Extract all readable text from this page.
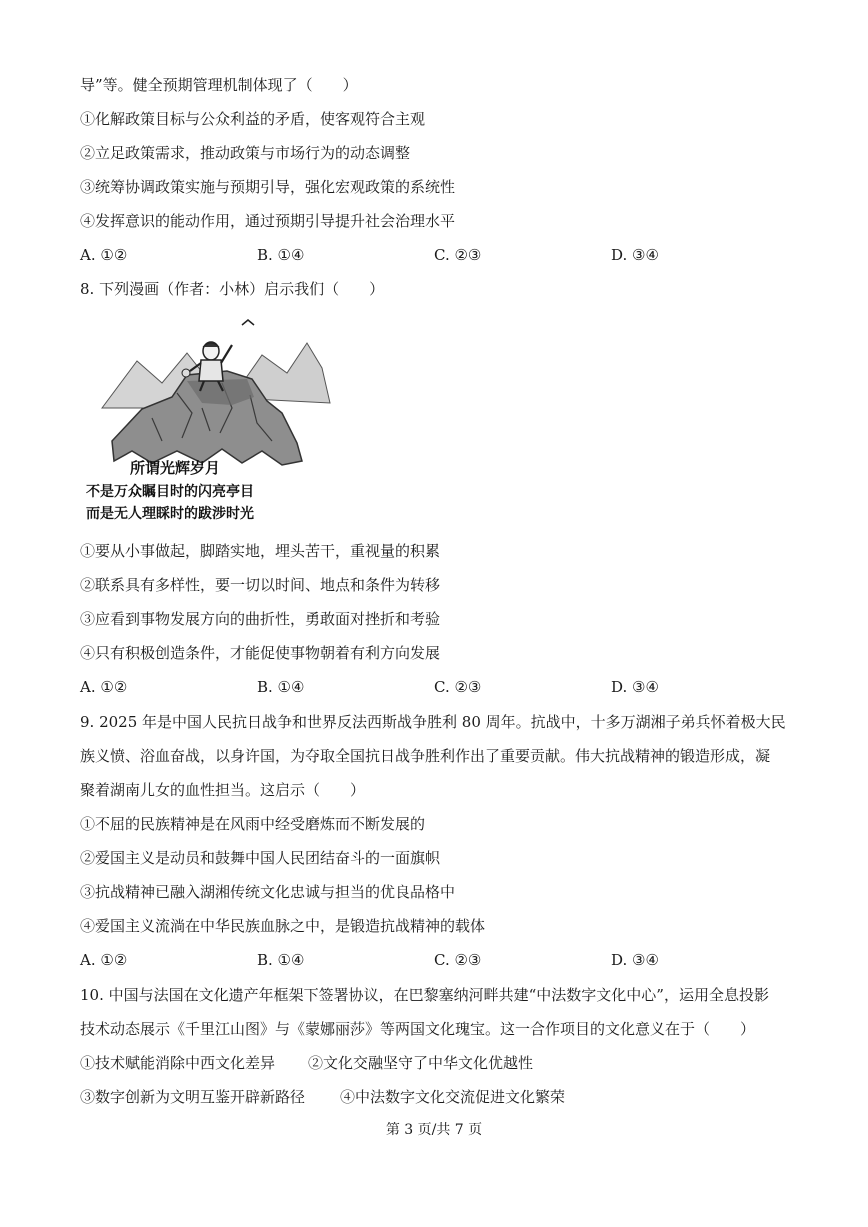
导”等。健全预期管理机制体现了（　　）
①化解政策目标与公众利益的矛盾，使客观符合主观
②立足政策需求，推动政策与市场行为的动态调整
③统筹协调政策实施与预期引导，强化宏观政策的系统性
④发挥意识的能动作用，通过预期引导提升社会治理水平
A. ①②	B. ①④	C. ②③	D. ③④
8. 下列漫画（作者：小林）启示我们（　　）
所谓光辉岁月
不是万众瞩目时的闪亮亭目
而是无人理睬时的跋涉时光
①要从小事做起，脚踏实地，埋头苦干，重视量的积累
②联系具有多样性，要一切以时间、地点和条件为转移
③应看到事物发展方向的曲折性，勇敢面对挫折和考验
④只有积极创造条件，才能促使事物朝着有利方向发展
A. ①②	B. ①④	C. ②③	D. ③④
9. 2025 年是中国人民抗日战争和世界反法西斯战争胜利 80 周年。抗战中，十多万湖湘子弟兵怀着极大民
族义愤、浴血奋战，以身许国，为夺取全国抗日战争胜利作出了重要贡献。伟大抗战精神的锻造形成，凝
聚着湖南儿女的血性担当。这启示（　　）
①不屈的民族精神是在风雨中经受磨炼而不断发展的
②爱国主义是动员和鼓舞中国人民团结奋斗的一面旗帜
③抗战精神已融入湖湘传统文化忠诚与担当的优良品格中
④爱国主义流淌在中华民族血脉之中，是锻造抗战精神的载体
A. ①②	B. ①④	C. ②③	D. ③④
10. 中国与法国在文化遗产年框架下签署协议，在巴黎塞纳河畔共建“中法数字文化中心”，运用全息投影
技术动态展示《千里江山图》与《蒙娜丽莎》等两国文化瑰宝。这一合作项目的文化意义在于（　　）
①技术赋能消除中西文化差异 ②文化交融坚守了中华文化优越性
③数字创新为文明互鉴开辟新路径 ④中法数字文化交流促进文化繁荣
第 3 页/共 7 页
